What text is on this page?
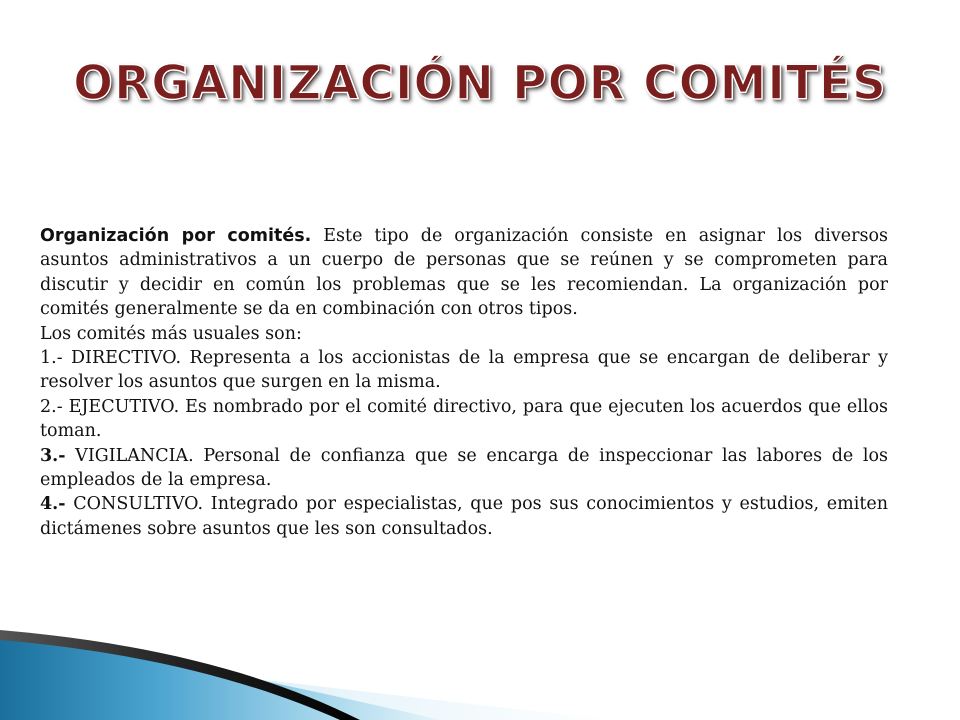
ORGANIZACIÓN POR COMITÉS

Organización por comités. Este tipo de organización consiste en asignar los diversos asuntos administrativos a un cuerpo de personas que se reúnen y se comprometen para discutir y decidir en común los problemas que se les recomiendan. La organización por comités generalmente se da en combinación con otros tipos.

Los comités más usuales son:

1.- DIRECTIVO. Representa a los accionistas de la empresa que se encargan de deliberar y resolver los asuntos que surgen en la misma.

2.- EJECUTIVO. Es nombrado por el comité directivo, para que ejecuten los acuerdos que ellos toman.

3.- VIGILANCIA. Personal de confianza que se encarga de inspeccionar las labores de los empleados de la empresa.

4.- CONSULTIVO. Integrado por especialistas, que pos sus conocimientos y estudios, emiten dictámenes sobre asuntos que les son consultados.
